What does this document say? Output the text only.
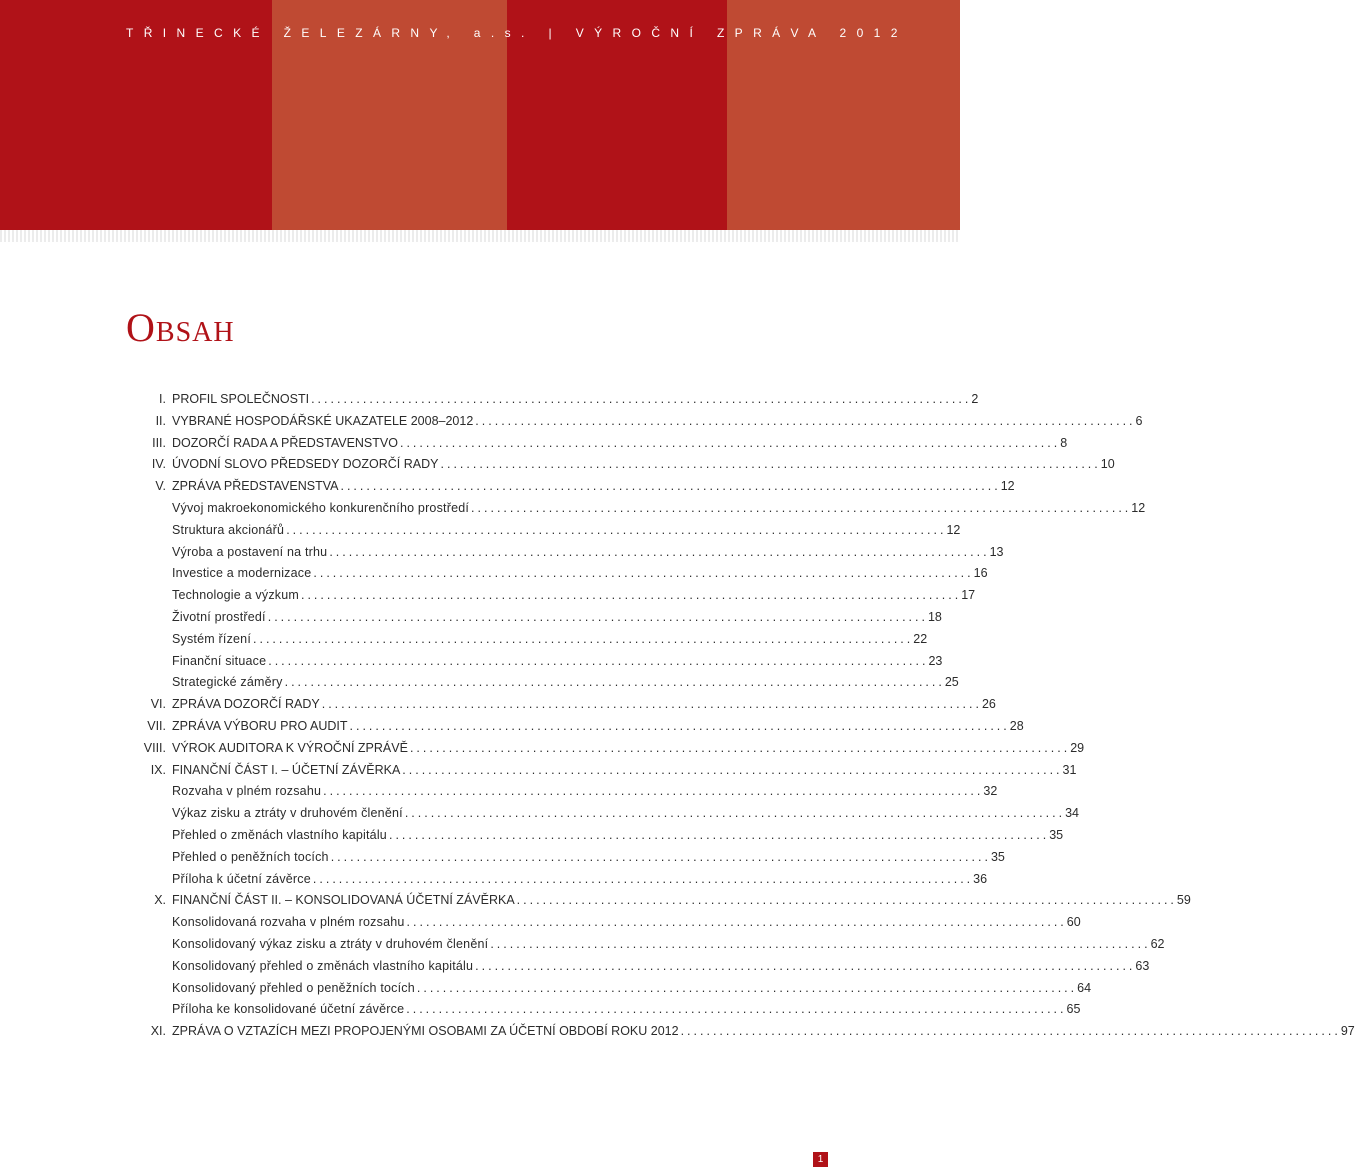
TŘINECKÉ ŽELEZÁRNY, a.s. | VÝROČNÍ ZPRÁVA 2012
Obsah
I. PROFIL SPOLEČNOSTI ...................................................................................................... 2
II. VYBRANÉ HOSPODÁŘSKÉ UKAZATELE 2008–2012 ...................................................................................................... 6
III. DOZORČÍ RADA A PŘEDSTAVENSTVO ...................................................................................................... 8
IV. ÚVODNÍ SLOVO PŘEDSEDY DOZORČÍ RADY ...................................................................................................... 10
V. ZPRÁVA PŘEDSTAVENSTVA ...................................................................................................... 12
Vývoj makroekonomického konkurenčního prostředí ...................................................................................................... 12
Struktura akcionářů ...................................................................................................... 12
Výroba a postavení na trhu ...................................................................................................... 13
Investice a modernizace ...................................................................................................... 16
Technologie a výzkum ...................................................................................................... 17
Životní prostředí ...................................................................................................... 18
Systém řízení ...................................................................................................... 22
Finanční situace ...................................................................................................... 23
Strategické záměry ...................................................................................................... 25
VI. ZPRÁVA DOZORČÍ RADY ...................................................................................................... 26
VII. ZPRÁVA VÝBORU PRO AUDIT ...................................................................................................... 28
VIII. VÝROK AUDITORA K VÝROČNÍ ZPRÁVĚ ...................................................................................................... 29
IX. FINANČNÍ ČÁST I. – ÚČETNÍ ZÁVĚRKA ...................................................................................................... 31
Rozvaha v plném rozsahu ...................................................................................................... 32
Výkaz zisku a ztráty v druhovém členění ...................................................................................................... 34
Přehled o změnách vlastního kapitálu ...................................................................................................... 35
Přehled o peněžních tocích ...................................................................................................... 35
Příloha k účetní závěrce ...................................................................................................... 36
X. FINANČNÍ ČÁST II. – KONSOLIDOVANÁ ÚČETNÍ ZÁVĚRKA ...................................................................................................... 59
Konsolidovaná rozvaha v plném rozsahu ...................................................................................................... 60
Konsolidovaný výkaz zisku a ztráty v druhovém členění ...................................................................................................... 62
Konsolidovaný přehled o změnách vlastního kapitálu ...................................................................................................... 63
Konsolidovaný přehled o peněžních tocích ...................................................................................................... 64
Příloha ke konsolidované účetní závěrce ...................................................................................................... 65
XI. ZPRÁVA O VZTAZÍCH MEZI PROPOJENÝMI OSOBAMI ZA ÚČETNÍ OBDOBÍ ROKU 2012 ...................................................................................................... 97
1
